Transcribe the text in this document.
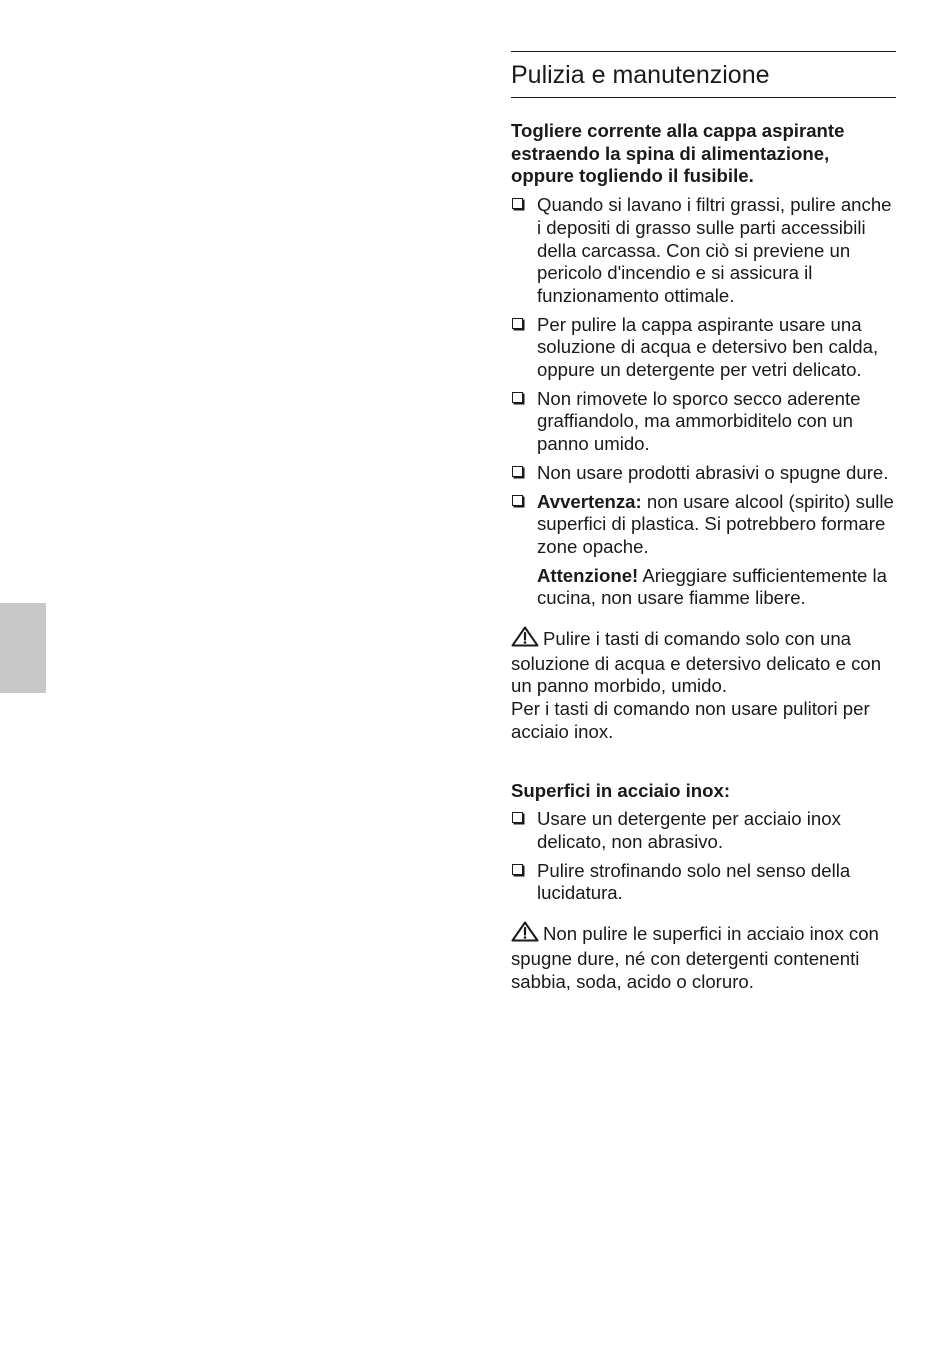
Pulizia e manutenzione
Togliere corrente alla cappa aspirante estraendo la spina di alimentazione, oppure togliendo il fusibile.
Quando si lavano i filtri grassi, pulire anche i depositi di grasso sulle parti accessibili della carcassa. Con ciò si previene un pericolo d'incendio e si assicura il funzionamento ottimale.
Per pulire la cappa aspirante usare una soluzione di acqua e detersivo ben calda, oppure un detergente per vetri delicato.
Non rimovete lo sporco secco aderente graffiandolo, ma ammorbiditelo con un panno umido.
Non usare prodotti abrasivi o spugne dure.
Avvertenza: non usare alcool (spirito) sulle superfici di plastica. Si potrebbero formare zone opache.
Attenzione! Arieggiare sufficientemente la cucina, non usare fiamme libere.
Pulire i tasti di comando solo con una soluzione di acqua e detersivo delicato e con un panno morbido, umido.
Per i tasti di comando non usare pulitori per acciaio inox.
Superfici in acciaio inox:
Usare un detergente per acciaio inox delicato, non abrasivo.
Pulire strofinando solo nel senso della lucidatura.
Non pulire le superfici in acciaio inox con spugne dure, né con detergenti contenenti sabbia, soda, acido o cloruro.
